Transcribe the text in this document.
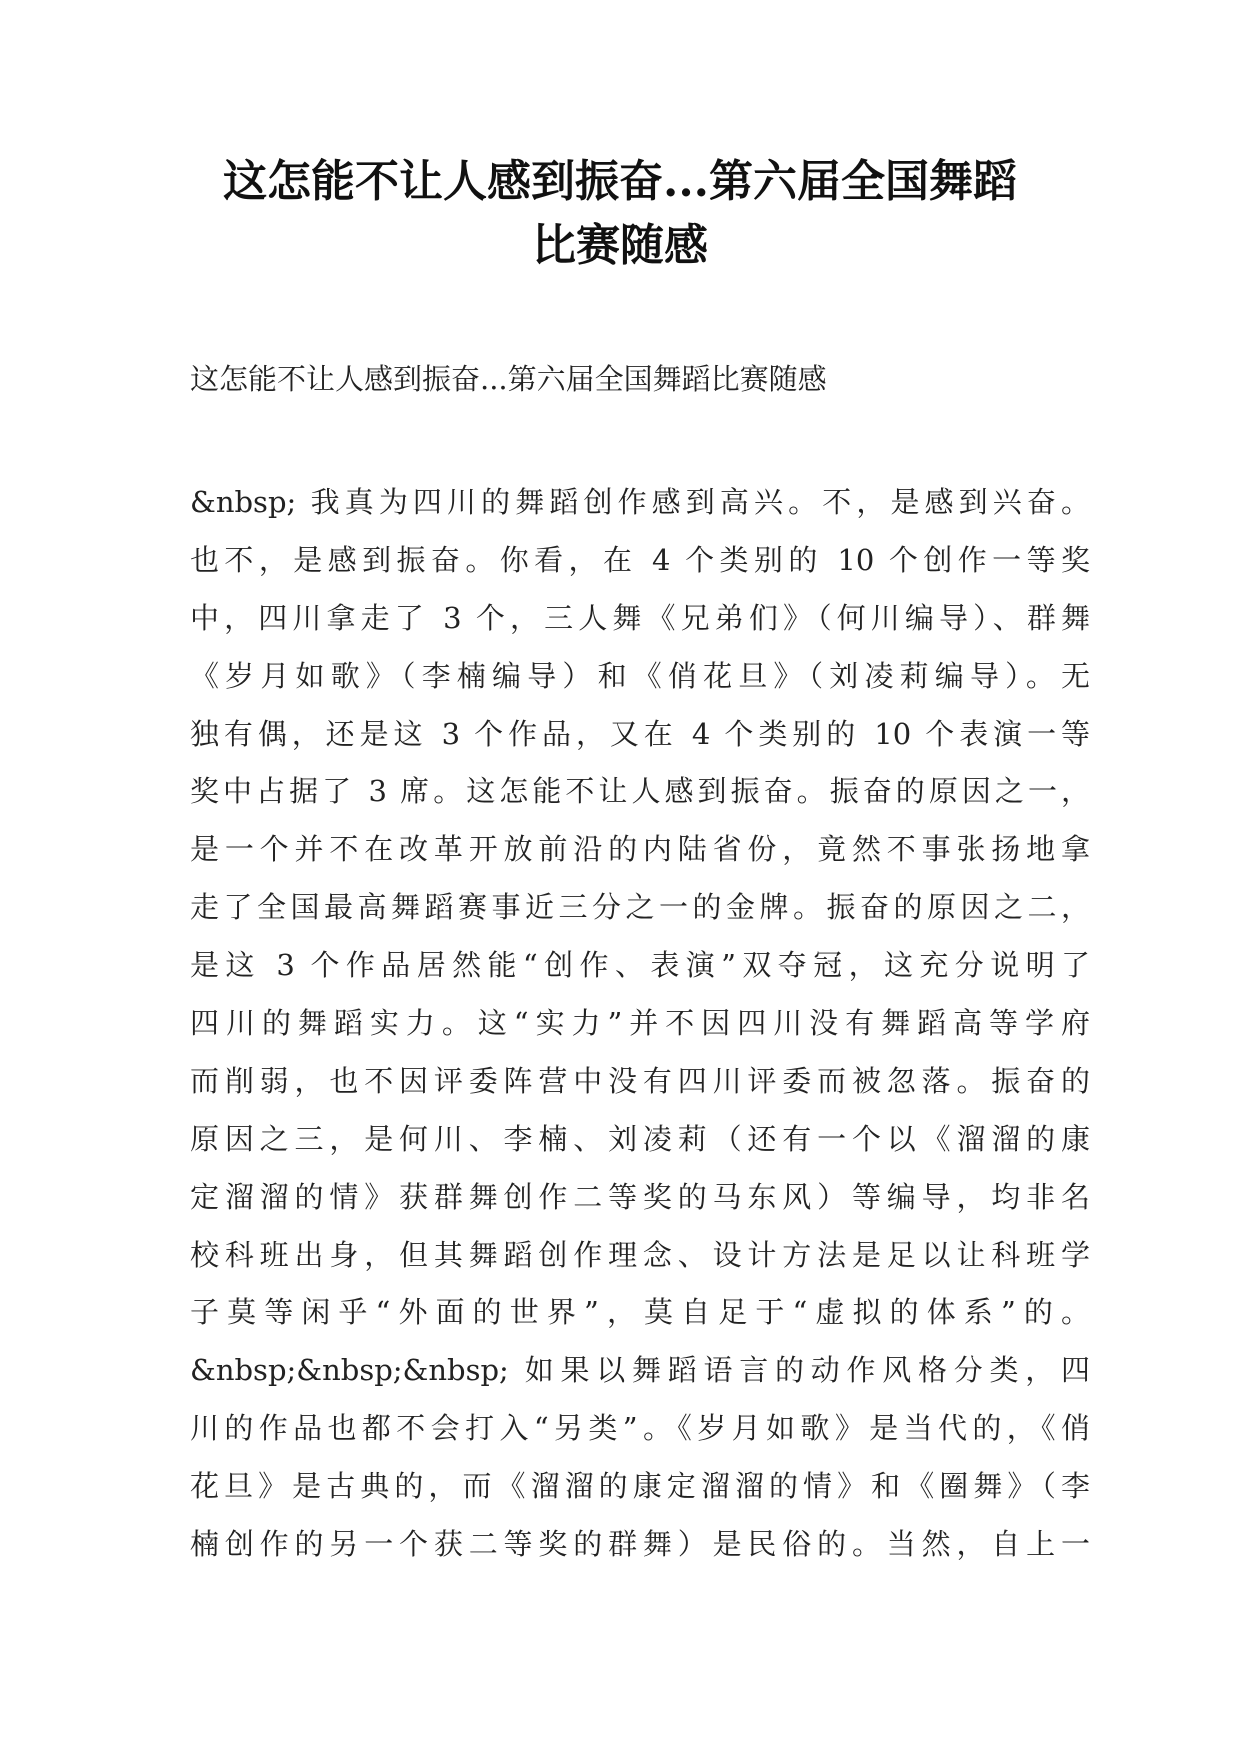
这怎能不让人感到振奋...第六届全国舞蹈
比赛随感
这怎能不让人感到振奋...第六届全国舞蹈比赛随感
&nbsp; 我真为四川的舞蹈创作感到高兴。不，是感到兴奋。
也不，是感到振奋。你看，在 4 个类别的 10 个创作一等奖
中，四川拿走了 3 个，三人舞《兄弟们》（何川编导）、群舞
《岁月如歌》（李楠编导）和《俏花旦》（刘凌莉编导）。无
独有偶，还是这 3 个作品，又在 4 个类别的 10 个表演一等
奖中占据了 3 席。这怎能不让人感到振奋。振奋的原因之一，
是一个并不在改革开放前沿的内陆省份，竟然不事张扬地拿
走了全国最高舞蹈赛事近三分之一的金牌。振奋的原因之二，
是这 3 个作品居然能“创作、表演”双夺冠，这充分说明了
四川的舞蹈实力。这“实力”并不因四川没有舞蹈高等学府
而削弱，也不因评委阵营中没有四川评委而被忽落。振奋的
原因之三，是何川、李楠、刘凌莉（还有一个以《溜溜的康
定溜溜的情》获群舞创作二等奖的马东风）等编导，均非名
校科班出身，但其舞蹈创作理念、设计方法是足以让科班学
子莫等闲乎“外面的世界”，莫自足于“虚拟的体系”的。
&nbsp;&nbsp;&nbsp; 如果以舞蹈语言的动作风格分类，四
川的作品也都不会打入“另类”。《岁月如歌》是当代的，《俏
花旦》是古典的，而《溜溜的康定溜溜的情》和《圈舞》（李
楠创作的另一个获二等奖的群舞）是民俗的。当然，自上一
